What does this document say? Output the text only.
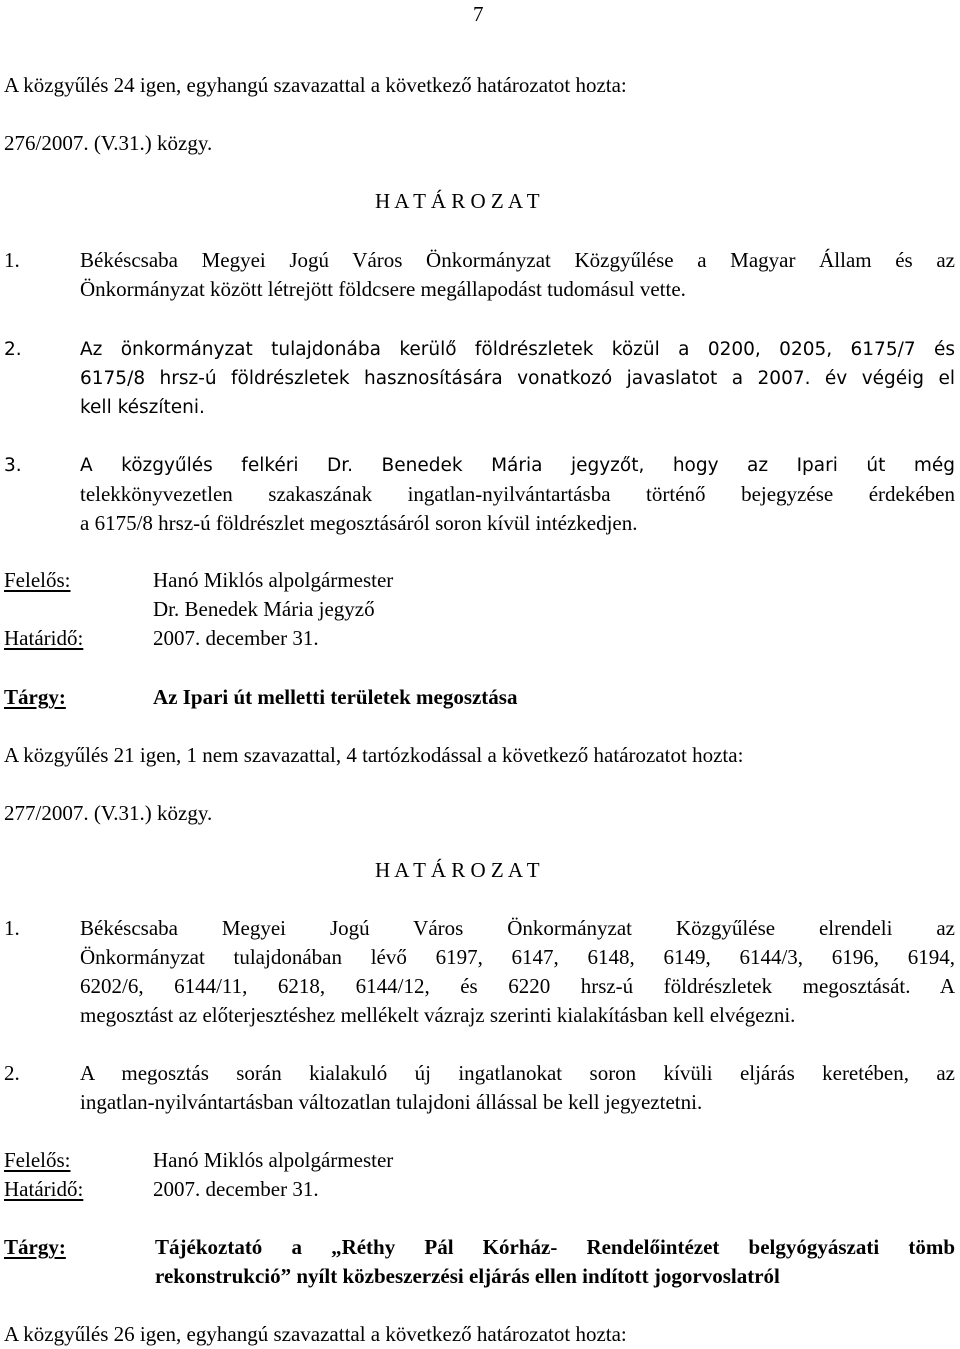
7
A közgyűlés 24 igen, egyhangú szavazattal a következő határozatot hozta:
276/2007. (V.31.) közgy.
H A T Á R O Z A T
1.	Békéscsaba Megyei Jogú Város Önkormányzat Közgyűlése a Magyar Állam és az
Önkormányzat között létrejött földcsere megállapodást tudomásul vette.
2.	Az önkormányzat tulajdonába kerülő földrészletek közül a 0200, 0205, 6175/7 és
6175/8 hrsz-ú földrészletek hasznosítására vonatkozó javaslatot a 2007. év végéig el
kell készíteni.
3.	A közgyűlés felkéri Dr. Benedek Mária jegyzőt, hogy az Ipari út még
telekkönyvezetlen szakaszának ingatlan-nyilvántartásba történő bejegyzése érdekében
a 6175/8 hrsz-ú földrészlet megosztásáról soron kívül intézkedjen.
Felelős:	Hanó Miklós alpolgármester
Dr. Benedek Mária jegyző
Határidő:	2007. december 31.
Tárgy:	Az Ipari út melletti területek megosztása
A közgyűlés 21 igen, 1 nem szavazattal, 4 tartózkodással a következő határozatot hozta:
277/2007. (V.31.) közgy.
H A T Á R O Z A T
1.	Békéscsaba Megyei Jogú Város Önkormányzat Közgyűlése elrendeli az
Önkormányzat tulajdonában lévő 6197, 6147, 6148, 6149, 6144/3, 6196, 6194,
6202/6, 6144/11, 6218, 6144/12, és 6220 hrsz-ú földrészletek megosztását. A
megosztást az előterjesztéshez mellékelt vázrajz szerinti kialakításban kell elvégezni.
2.	A megosztás során kialakuló új ingatlanokat soron kívüli eljárás keretében, az
ingatlan-nyilvántartásban változatlan tulajdoni állással be kell jegyeztetni.
Felelős:	Hanó Miklós alpolgármester
Határidő:	2007. december 31.
Tárgy:	Tájékoztató a „Réthy Pál Kórház- Rendelőintézet belgyógyászati tömb
rekonstrukció” nyílt közbeszerzési eljárás ellen indított jogorvoslatról
A közgyűlés 26 igen, egyhangú szavazattal a következő határozatot hozta:
